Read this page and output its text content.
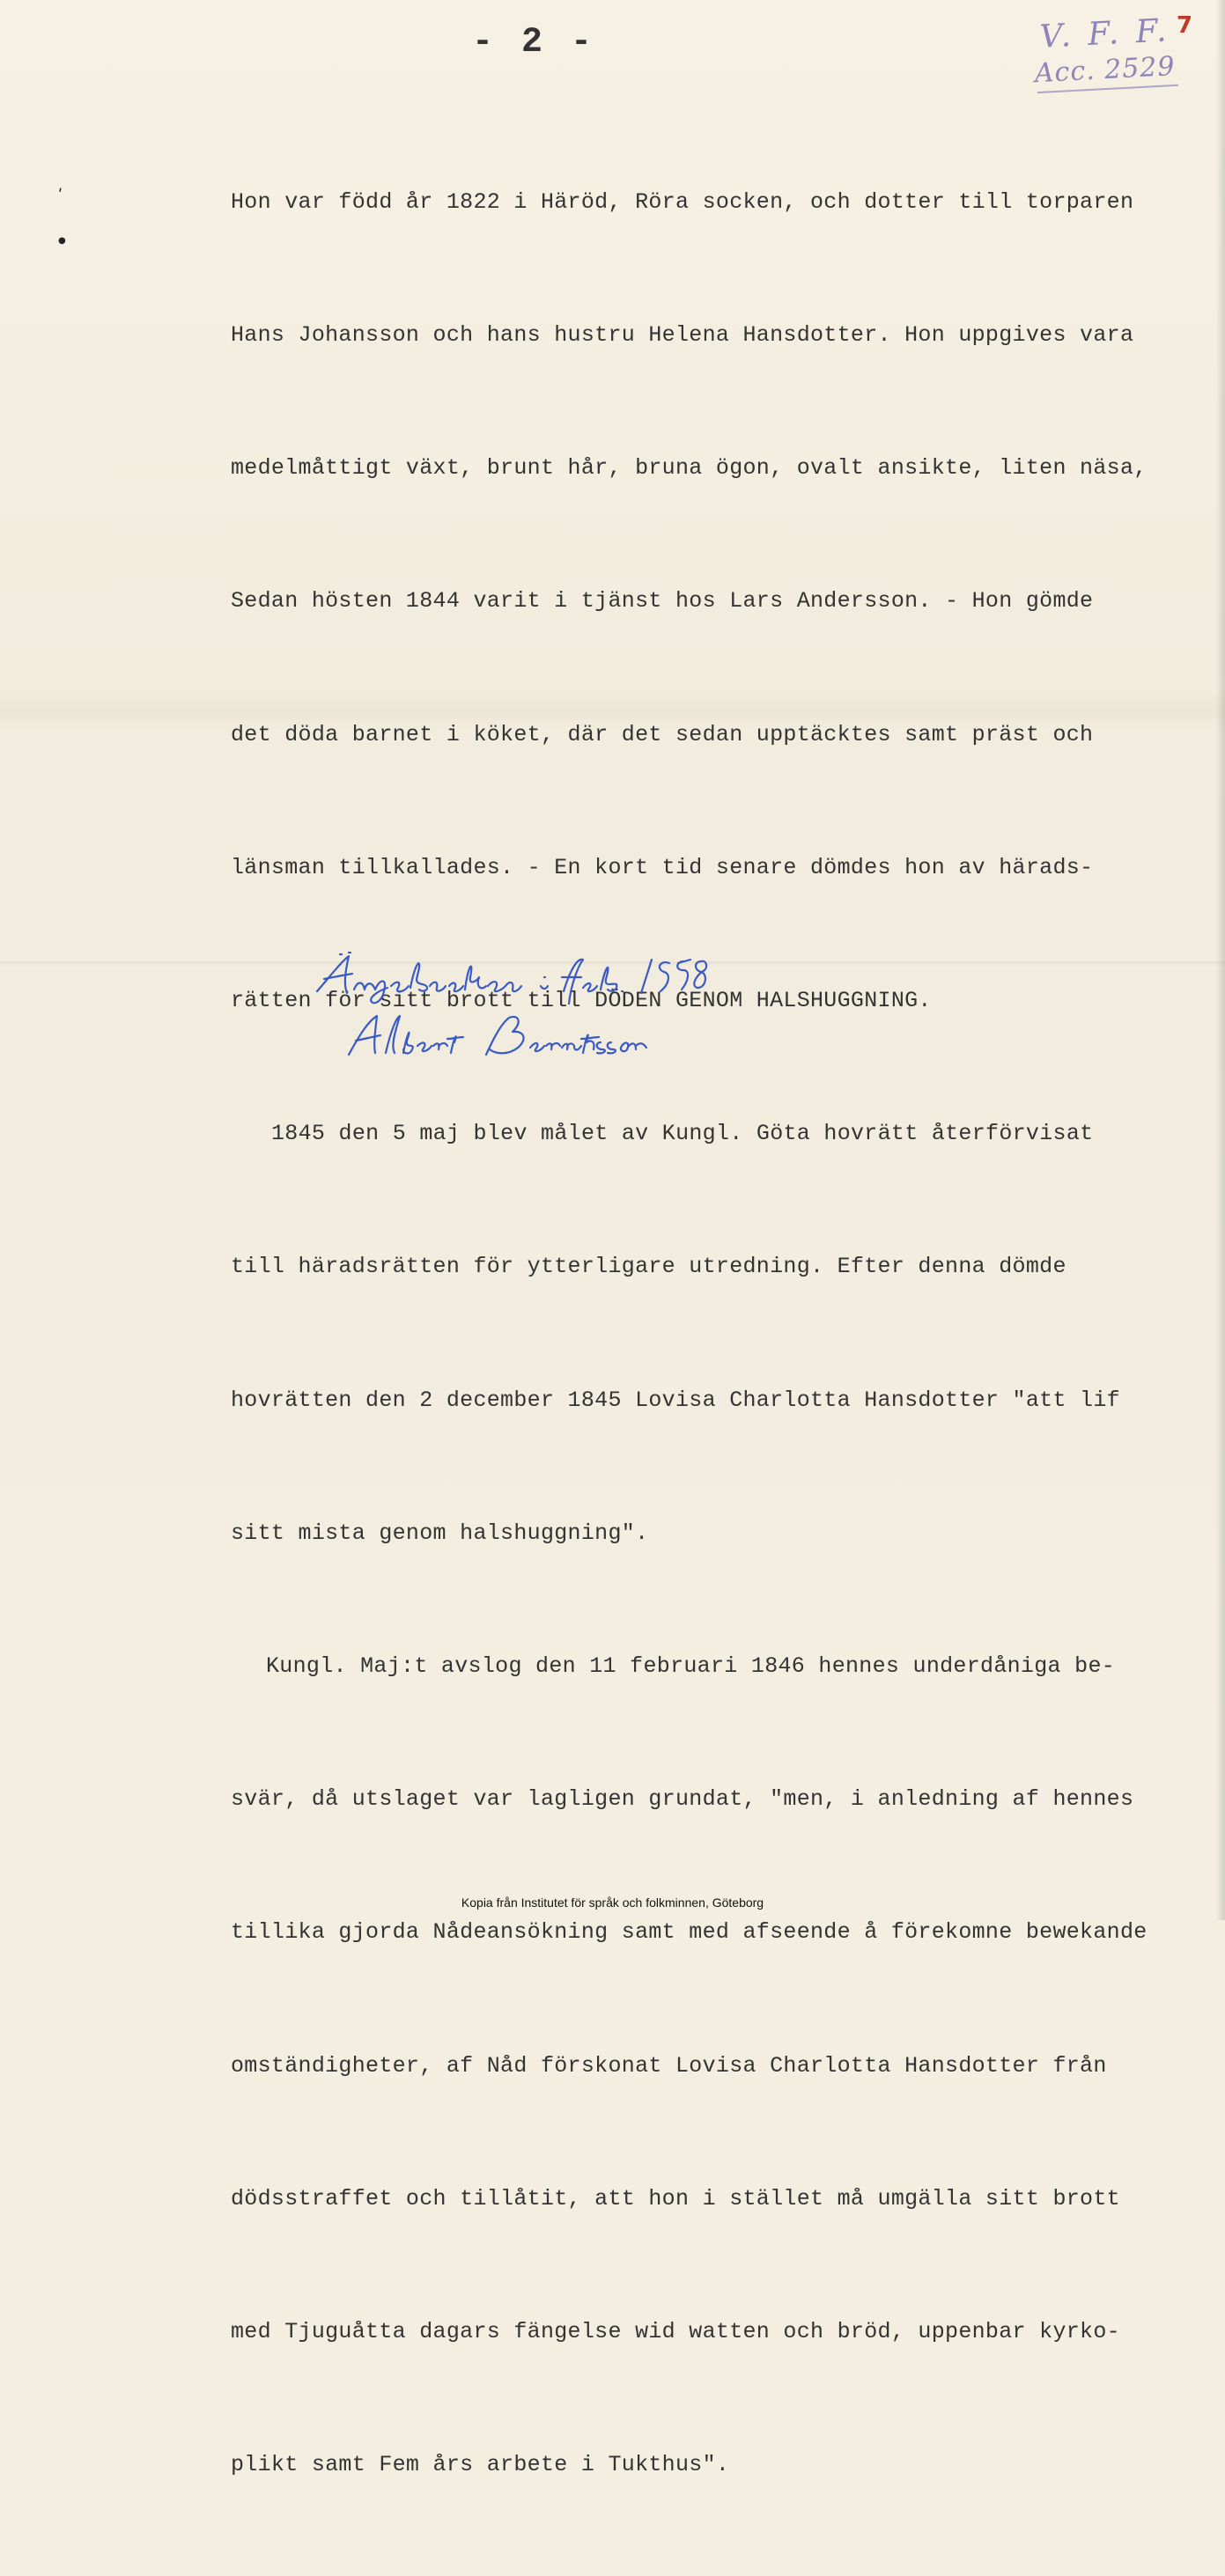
- 2 -	V. F. F.
Acc. 2529
7
ʹ
●

Hon var född år 1822 i Häröd, Röra socken, och dotter till torparen

Hans Johansson och hans hustru Helena Hansdotter. Hon uppgives vara

medelmåttigt växt, brunt hår, bruna ögon, ovalt ansikte, liten näsa,

Sedan hösten 1844 varit i tjänst hos Lars Andersson. - Hon gömde

det döda barnet i köket, där det sedan upptäcktes samt präst och

länsman tillkallades. - En kort tid senare dömdes hon av härads-

rätten för sitt brott till DÖDEN GENOM HALSHUGGNING.

1845 den 5 maj blev målet av Kungl. Göta hovrätt återförvisat

till häradsrätten för ytterligare utredning. Efter denna dömde

hovrätten den 2 december 1845 Lovisa Charlotta Hansdotter "att lif

sitt mista genom halshuggning".

Kungl. Maj:t avslog den 11 februari 1846 hennes underdåniga be-

svär, då utslaget var lagligen grundat, "men, i anledning af hennes

tillika gjorda Nådeansökning samt med afseende å förekomne bewekande

omständigheter, af Nåd förskonat Lovisa Charlotta Hansdotter från

dödsstraffet och tillåtit, att hon i stället må umgälla sitt brott

med Tjuguåtta dagars fängelse wid watten och bröd, uppenbar kyrko-

plikt samt Fem års arbete i Tukthus".

Kopia från Institutet för språk och folkminnen, Göteborg
